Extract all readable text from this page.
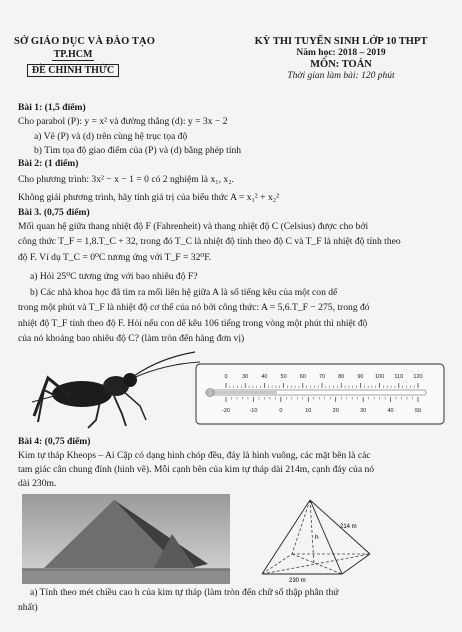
SỞ GIÁO DỤC VÀ ĐÀO TẠO
TP.HCM
ĐỀ CHÍNH THỨC
KỲ THI TUYỂN SINH LỚP 10 THPT
Năm học: 2018 – 2019
MÔN: TOÁN
Thời gian làm bài: 120 phút
Bài 1: (1,5 điểm)
Cho parabol (P): y = x² và đường thẳng (d): y = 3x − 2
a) Vẽ (P) và (d) trên cùng hệ trục tọa độ
b) Tìm tọa độ giao điểm của (P) và (d) bằng phép tính
Bài 2: (1 điểm)
Cho phương trình: 3x² − x − 1 = 0 có 2 nghiệm là x₁, x₂.
Không giải phương trình, hãy tính giá trị của biểu thức A = x₁² + x₂²
Bài 3. (0,75 điểm)
Mối quan hệ giữa thang nhiệt độ F (Fahrenheit) và thang nhiệt độ C (Celsius) được cho bởi
công thức T_F = 1,8.T_C + 32, trong đó T_C là nhiệt độ tính theo độ C và T_F là nhiệt độ tính theo
độ F. Ví dụ T_C = 0⁰C tương ứng với T_F = 32⁰F.
a) Hỏi 25⁰C tương ứng với bao nhiêu độ F?
b) Các nhà khoa học đã tìm ra mối liên hệ giữa A là số tiếng kêu của một con dế
trong một phút và T_F là nhiệt độ cơ thể của nó bởi công thức: A = 5,6.T_F − 275, trong đó
nhiệt độ T_F tính theo độ F. Hỏi nếu con dế kêu 106 tiếng trong vòng một phút thì nhiệt độ
của nó khoảng bao nhiêu độ C? (làm tròn đến hàng đơn vị)
0	30 40 50 60 70 80 90 100 110 120
-20	-10	0	10	20	30	40	50
Bài 4: (0,75 điểm)
Kim tự tháp Kheops – Ai Cập có dạng hình chóp đều, đáy là hình vuông, các mặt bên là các
tam giác cân chung đỉnh (hình vẽ). Mỗi cạnh bên của kim tự tháp dài 214m, cạnh đáy của nó
dài 230m.
214 m
h
230 m
a) Tính theo mét chiều cao h của kim tự tháp (làm tròn đến chữ số thập phân thứ
nhất)
